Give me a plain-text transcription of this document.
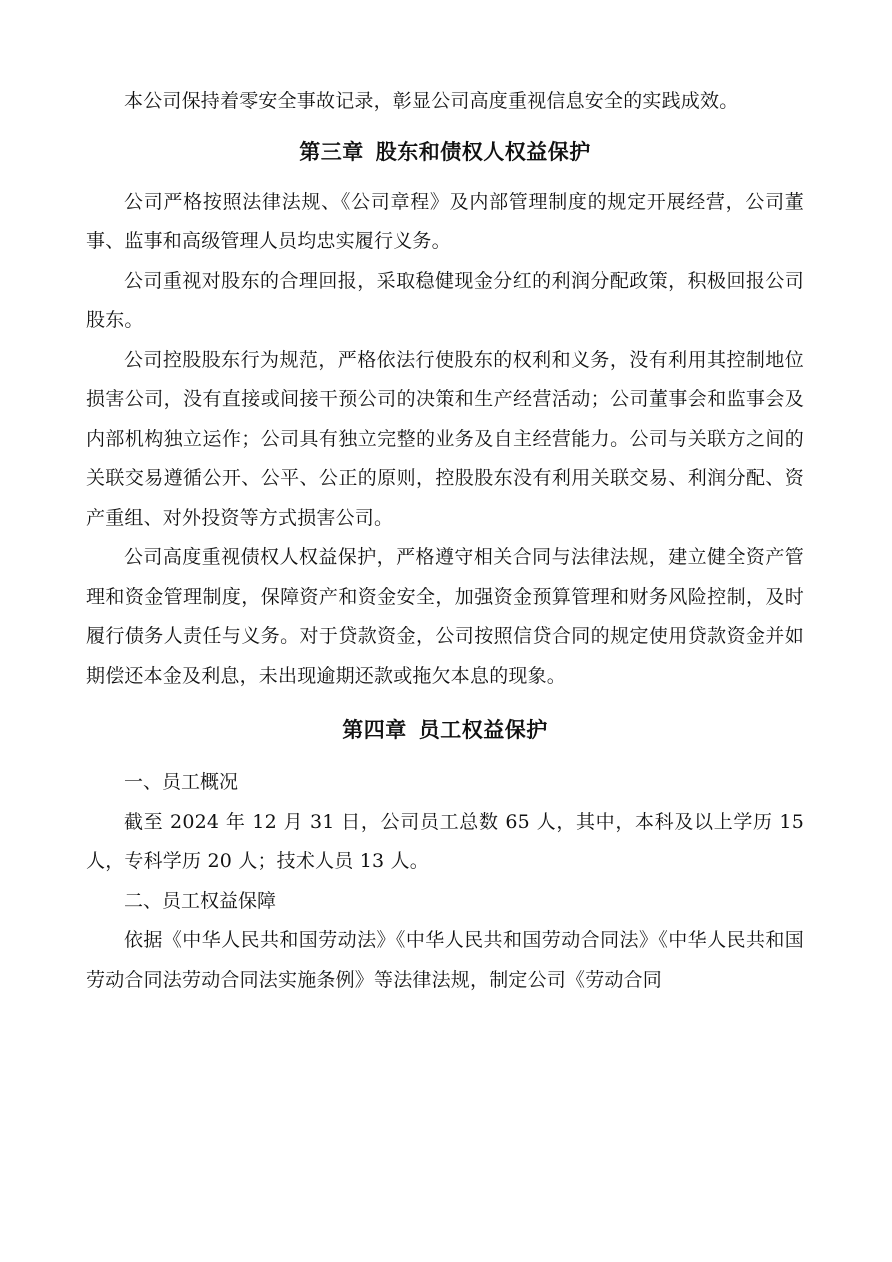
本公司保持着零安全事故记录，彰显公司高度重视信息安全的实践成效。

第三章 股东和债权人权益保护

公司严格按照法律法规、《公司章程》及内部管理制度的规定开展经营，公司董事、监事和高级管理人员均忠实履行义务。

公司重视对股东的合理回报，采取稳健现金分红的利润分配政策，积极回报公司股东。

公司控股股东行为规范，严格依法行使股东的权利和义务，没有利用其控制地位损害公司，没有直接或间接干预公司的决策和生产经营活动；公司董事会和监事会及内部机构独立运作；公司具有独立完整的业务及自主经营能力。公司与关联方之间的关联交易遵循公开、公平、公正的原则，控股股东没有利用关联交易、利润分配、资产重组、对外投资等方式损害公司。

公司高度重视债权人权益保护，严格遵守相关合同与法律法规，建立健全资产管理和资金管理制度，保障资产和资金安全，加强资金预算管理和财务风险控制，及时履行债务人责任与义务。对于贷款资金，公司按照信贷合同的规定使用贷款资金并如期偿还本金及利息，未出现逾期还款或拖欠本息的现象。

第四章 员工权益保护

一、员工概况

截至 2024 年 12 月 31 日，公司员工总数 65 人，其中，本科及以上学历 15 人，专科学历 20 人；技术人员 13 人。

二、员工权益保障

依据《中华人民共和国劳动法》《中华人民共和国劳动合同法》《中华人民共和国劳动合同法劳动合同法实施条例》等法律法规，制定公司《劳动合同
